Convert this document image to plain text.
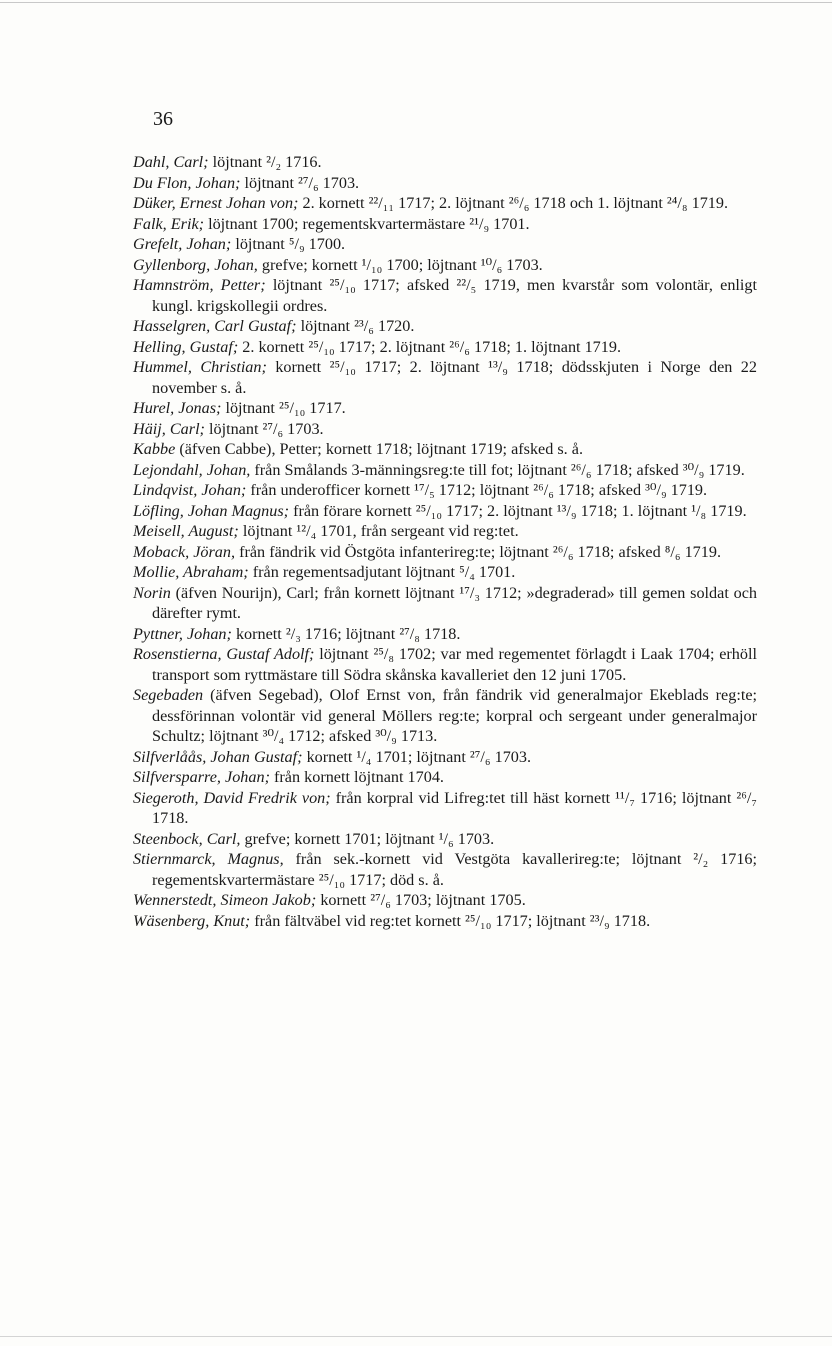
36

Dahl, Carl; löjtnant ²/₂ 1716.

Du Flon, Johan; löjtnant ²⁷/₆ 1703.

Düker, Ernest Johan von; 2. kornett ²²/₁₁ 1717; 2. löjtnant ²⁶/₆ 1718 och 1. löjtnant ²⁴/₈ 1719.

Falk, Erik; löjtnant 1700; regementskvartermästare ²¹/₉ 1701.

Grefelt, Johan; löjtnant ⁵/₉ 1700.

Gyllenborg, Johan, grefve; kornett ¹/₁₀ 1700; löjtnant ¹⁰/₆ 1703.

Hamnström, Petter; löjtnant ²⁵/₁₀ 1717; afsked ²²/₅ 1719, men kvarstår som volontär, enligt kungl. krigskollegii ordres.

Hasselgren, Carl Gustaf; löjtnant ²³/₆ 1720.

Helling, Gustaf; 2. kornett ²⁵/₁₀ 1717; 2. löjtnant ²⁶/₆ 1718; 1. löjtnant 1719.

Hummel, Christian; kornett ²⁵/₁₀ 1717; 2. löjtnant ¹³/₉ 1718; dödsskjuten i Norge den 22 november s. å.

Hurel, Jonas; löjtnant ²⁵/₁₀ 1717.

Häij, Carl; löjtnant ²⁷/₆ 1703.

Kabbe (äfven Cabbe), Petter; kornett 1718; löjtnant 1719; afsked s. å.

Lejondahl, Johan, från Smålands 3-männingsreg:te till fot; löjtnant ²⁶/₆ 1718; afsked ³⁰/₉ 1719.

Lindqvist, Johan; från underofficer kornett ¹⁷/₅ 1712; löjtnant ²⁶/₆ 1718; afsked ³⁰/₉ 1719.

Löfling, Johan Magnus; från förare kornett ²⁵/₁₀ 1717; 2. löjtnant ¹³/₉ 1718; 1. löjtnant ¹/₈ 1719.

Meisell, August; löjtnant ¹²/₄ 1701, från sergeant vid reg:tet.

Moback, Jöran, från fändrik vid Östgöta infanterireg:te; löjtnant ²⁶/₆ 1718; afsked ⁸/₆ 1719.

Mollie, Abraham; från regementsadjutant löjtnant ⁵/₄ 1701.

Norin (äfven Nourijn), Carl; från kornett löjtnant ¹⁷/₃ 1712; »degraderad» till gemen soldat och därefter rymt.

Pyttner, Johan; kornett ²/₃ 1716; löjtnant ²⁷/₈ 1718.

Rosenstierna, Gustaf Adolf; löjtnant ²⁵/₈ 1702; var med regementet förlagdt i Laak 1704; erhöll transport som ryttmästare till Södra skånska kavalleriet den 12 juni 1705.

Segebaden (äfven Segebad), Olof Ernst von, från fändrik vid generalmajor Ekeblads reg:te; dessförinnan volontär vid general Möllers reg:te; korpral och sergeant under generalmajor Schultz; löjtnant ³⁰/₄ 1712; afsked ³⁰/₉ 1713.

Silfverlåås, Johan Gustaf; kornett ¹/₄ 1701; löjtnant ²⁷/₆ 1703.

Silfversparre, Johan; från kornett löjtnant 1704.

Siegeroth, David Fredrik von; från korpral vid Lifreg:tet till häst kornett ¹¹/₇ 1716; löjtnant ²⁶/₇ 1718.

Steenbock, Carl, grefve; kornett 1701; löjtnant ¹/₆ 1703.

Stiernmarck, Magnus, från sek.-kornett vid Vestgöta kavallerireg:te; löjtnant ²/₂ 1716; regementskvartermästare ²⁵/₁₀ 1717; död s. å.

Wennerstedt, Simeon Jakob; kornett ²⁷/₆ 1703; löjtnant 1705.

Wäsenberg, Knut; från fältväbel vid reg:tet kornett ²⁵/₁₀ 1717; löjtnant ²³/₉ 1718.
